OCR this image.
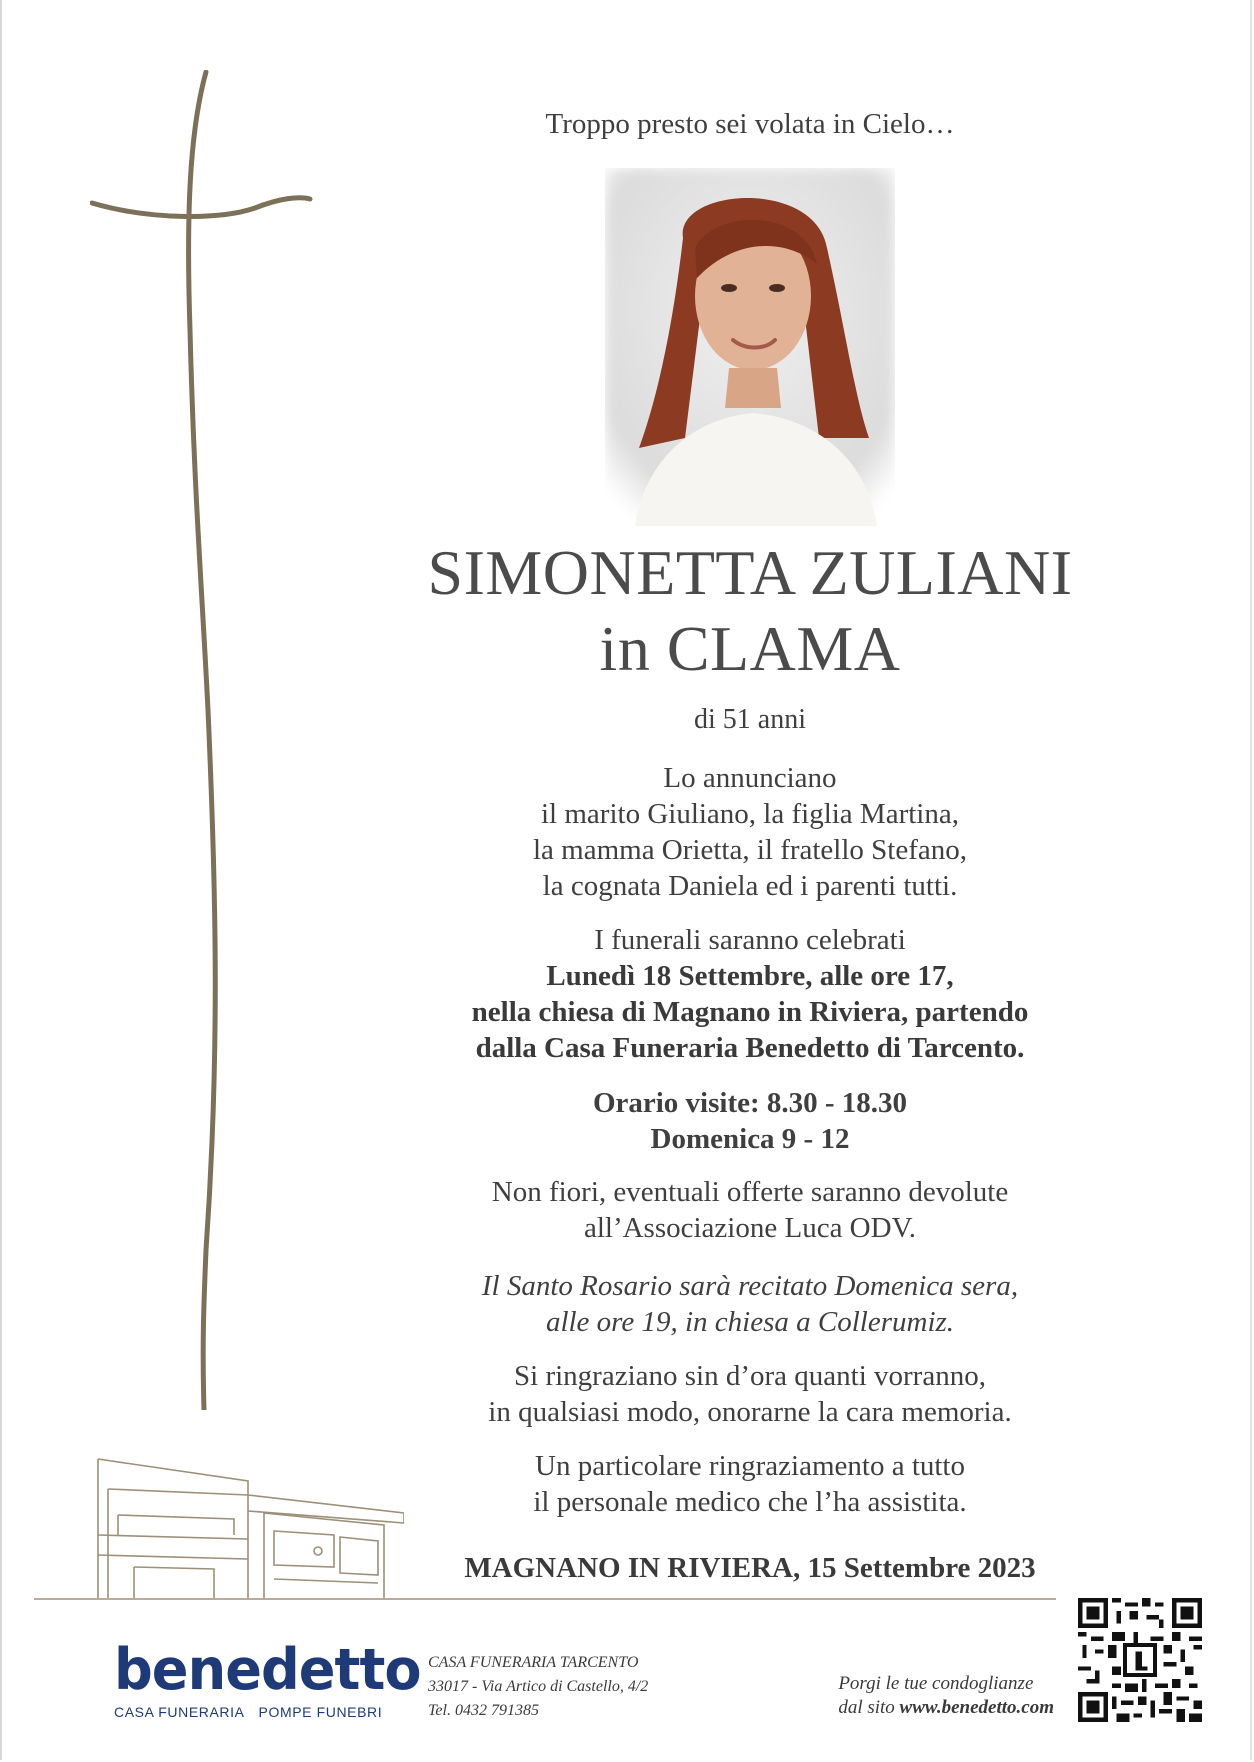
Troppo presto sei volata in Cielo…
SIMONETTA ZULIANI
in CLAMA
di 51 anni
Lo annunciano
il marito Giuliano, la figlia Martina,
la mamma Orietta, il fratello Stefano,
la cognata Daniela ed i parenti tutti.
I funerali saranno celebrati
Lunedì 18 Settembre, alle ore 17,
nella chiesa di Magnano in Riviera, partendo
dalla Casa Funeraria Benedetto di Tarcento.
Orario visite: 8.30 - 18.30
Domenica 9 - 12
Non fiori, eventuali offerte saranno devolute
all’Associazione Luca ODV.
Il Santo Rosario sarà recitato Domenica sera,
alle ore 19, in chiesa a Collerumiz.
Si ringraziano sin d’ora quanti vorranno,
in qualsiasi modo, onorarne la cara memoria.
Un particolare ringraziamento a tutto
il personale medico che l’ha assistita.
MAGNANO IN RIVIERA, 15 Settembre 2023
benedetto
CASA FUNERARIA POMPE FUNEBRI
CASA FUNERARIA TARCENTO
33017 - Via Artico di Castello, 4/2
Tel. 0432 791385
Porgi le tue condoglianze
dal sito www.benedetto.com
